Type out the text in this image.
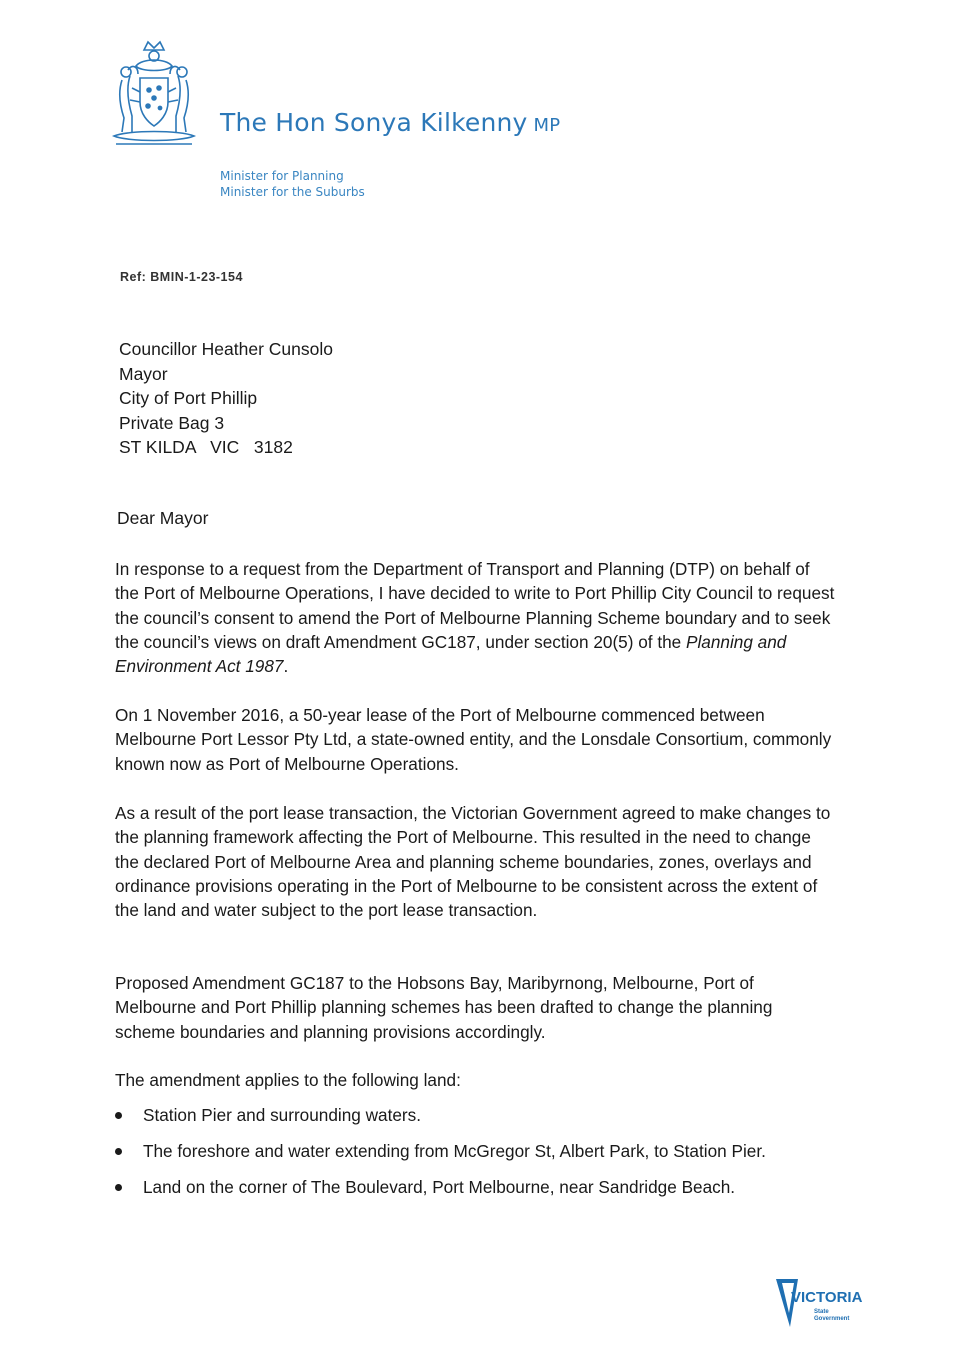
The Hon Sonya Kilkenny MP
Minister for Planning
Minister for the Suburbs
Ref: BMIN-1-23-154
Councillor Heather Cunsolo
Mayor
City of Port Phillip
Private Bag 3
ST KILDA   VIC   3182
Dear Mayor
In response to a request from the Department of Transport and Planning (DTP) on behalf of the Port of Melbourne Operations, I have decided to write to Port Phillip City Council to request the council’s consent to amend the Port of Melbourne Planning Scheme boundary and to seek the council’s views on draft Amendment GC187, under section 20(5) of the Planning and Environment Act 1987.
On 1 November 2016, a 50-year lease of the Port of Melbourne commenced between Melbourne Port Lessor Pty Ltd, a state-owned entity, and the Lonsdale Consortium, commonly known now as Port of Melbourne Operations.
As a result of the port lease transaction, the Victorian Government agreed to make changes to the planning framework affecting the Port of Melbourne. This resulted in the need to change the declared Port of Melbourne Area and planning scheme boundaries, zones, overlays and ordinance provisions operating in the Port of Melbourne to be consistent across the extent of the land and water subject to the port lease transaction.
Proposed Amendment GC187 to the Hobsons Bay, Maribyrnong, Melbourne, Port of Melbourne and Port Phillip planning schemes has been drafted to change the planning scheme boundaries and planning provisions accordingly.
The amendment applies to the following land:
Station Pier and surrounding waters.
The foreshore and water extending from McGregor St, Albert Park, to Station Pier.
Land on the corner of The Boulevard, Port Melbourne, near Sandridge Beach.
VICTORIA
State
Government
